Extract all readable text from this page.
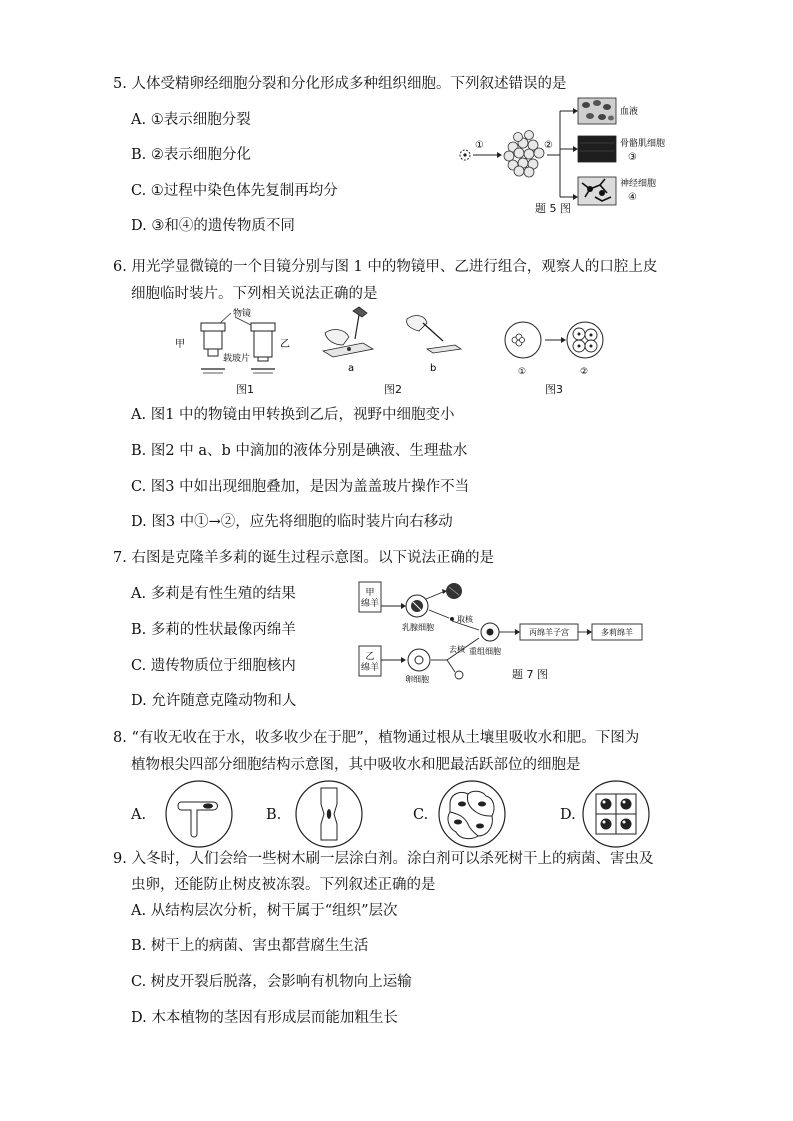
5. 人体受精卵经细胞分裂和分化形成多种组织细胞。下列叙述错误的是
A. ①表示细胞分裂
B. ②表示细胞分化
C. ①过程中染色体先复制再均分
D. ③和④的遗传物质不同
①	②
血液
骨骼肌细胞
③
神经细胞
④
题 5 图
6. 用光学显微镜的一个目镜分别与图 1 中的物镜甲、乙进行组合，观察人的口腔上皮
细胞临时装片。下列相关说法正确的是
物镜
甲	乙
载玻片
图1
a	b
图2
①	②
图3
A. 图1 中的物镜由甲转换到乙后，视野中细胞变小
B. 图2 中 a、b 中滴加的液体分别是碘液、生理盐水
C. 图3 中如出现细胞叠加，是因为盖盖玻片操作不当
D. 图3 中①→②，应先将细胞的临时装片向右移动
7. 右图是克隆羊多莉的诞生过程示意图。以下说法正确的是
A. 多莉是有性生殖的结果
B. 多莉的性状最像丙绵羊
C. 遗传物质位于细胞核内
D. 允许随意克隆动物和人
甲
绵羊
乳腺细胞
取核
重组细胞
丙绵羊子宫	多莉绵羊
乙
绵羊
卵细胞
去核
题 7 图
8. “有收无收在于水，收多收少在于肥”，植物通过根从土壤里吸收水和肥。下图为
植物根尖四部分细胞结构示意图，其中吸收水和肥最活跃部位的细胞是
A.	B.	C.	D.
9. 入冬时，人们会给一些树木刷一层涂白剂。涂白剂可以杀死树干上的病菌、害虫及
虫卵，还能防止树皮被冻裂。下列叙述正确的是
A. 从结构层次分析，树干属于“组织”层次
B. 树干上的病菌、害虫都营腐生生活
C. 树皮开裂后脱落，会影响有机物向上运输
D. 木本植物的茎因有形成层而能加粗生长
